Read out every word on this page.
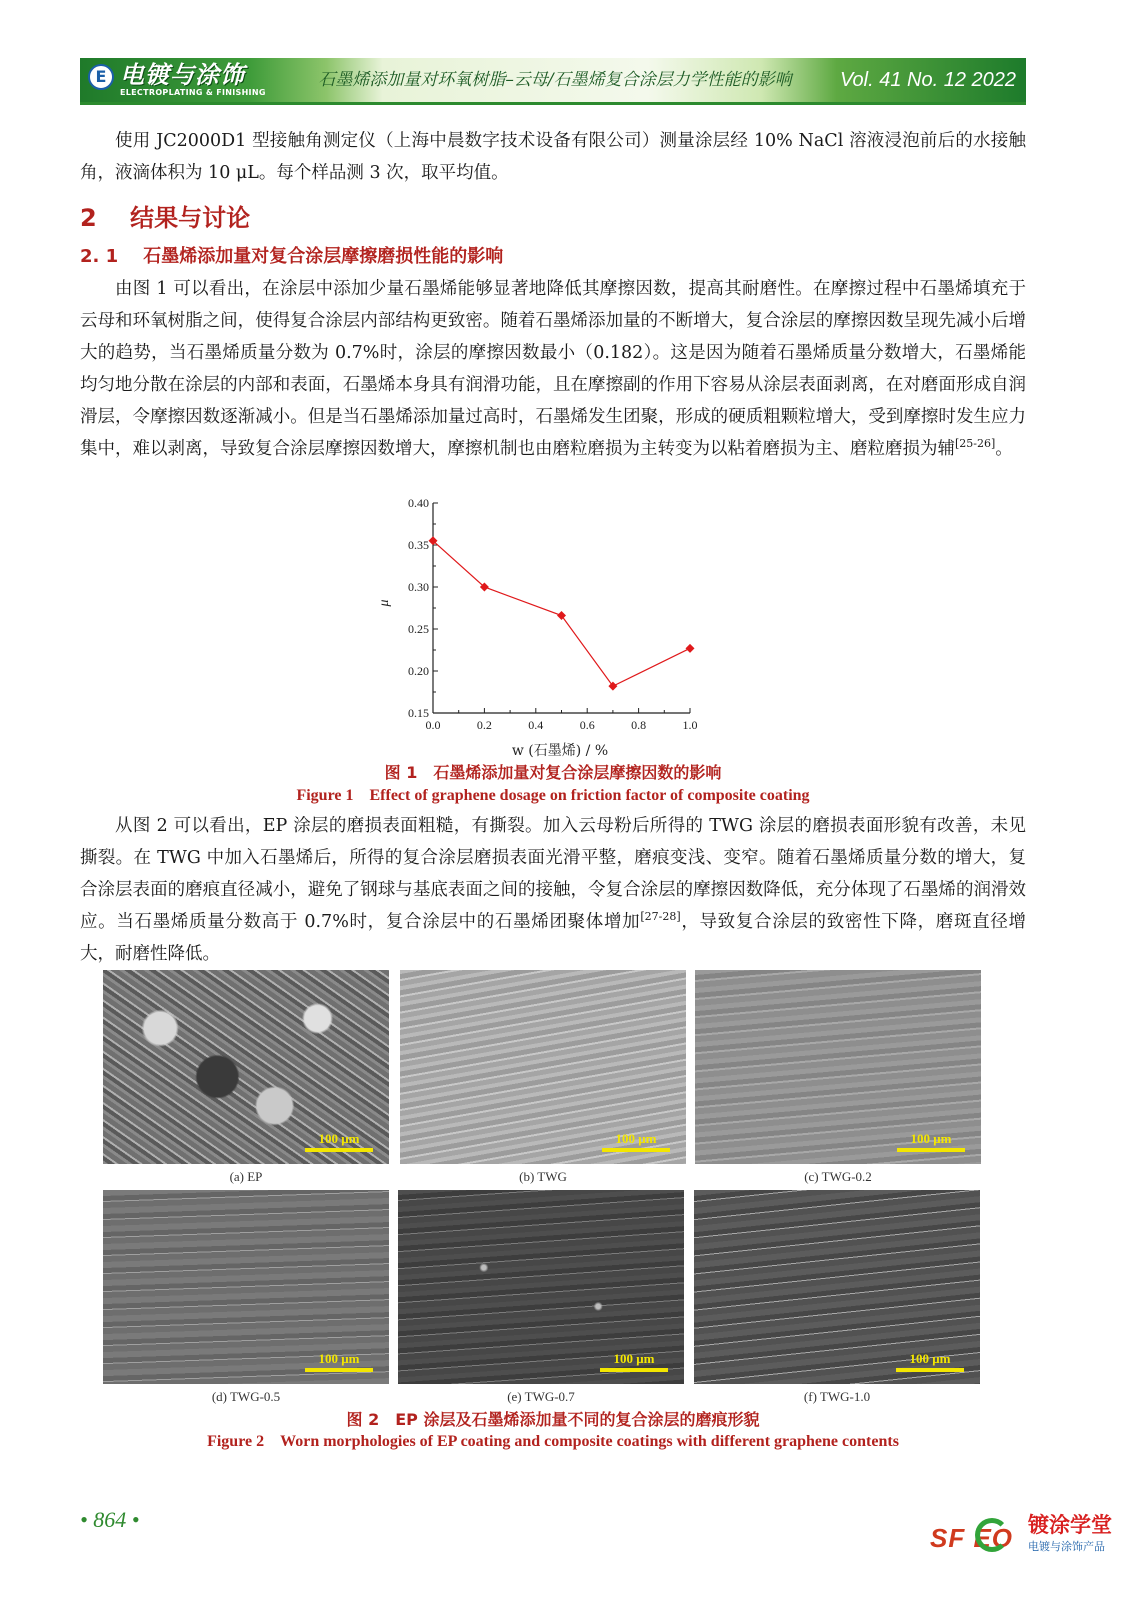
E 电镀与涂饰
ELECTROPLATING & FINISHING
石墨烯添加量对环氧树脂–云母/石墨烯复合涂层力学性能的影响	Vol. 41 No. 12 2022
使用 JC2000D1 型接触角测定仪（上海中晨数字技术设备有限公司）测量涂层经 10% NaCl 溶液浸泡前后的水接触角，液滴体积为 10 μL。每个样品测 3 次，取平均值。
2 结果与讨论
2. 1 石墨烯添加量对复合涂层摩擦磨损性能的影响
由图 1 可以看出，在涂层中添加少量石墨烯能够显著地降低其摩擦因数，提高其耐磨性。在摩擦过程中石墨烯填充于云母和环氧树脂之间，使得复合涂层内部结构更致密。随着石墨烯添加量的不断增大，复合涂层的摩擦因数呈现先减小后增大的趋势，当石墨烯质量分数为 0.7%时，涂层的摩擦因数最小（0.182）。这是因为随着石墨烯质量分数增大，石墨烯能均匀地分散在涂层的内部和表面，石墨烯本身具有润滑功能，且在摩擦副的作用下容易从涂层表面剥离，在对磨面形成自润滑层，令摩擦因数逐渐减小。但是当石墨烯添加量过高时，石墨烯发生团聚，形成的硬质粗颗粒增大，受到摩擦时发生应力集中，难以剥离，导致复合涂层摩擦因数增大，摩擦机制也由磨粒磨损为主转变为以粘着磨损为主、磨粒磨损为辅[25-26]。
0.15
0.20
0.25
0.30
0.35
0.40
0.0	0.2	0.4	0.6	0.8	1.0
μ
w (石墨烯) / %
图 1　石墨烯添加量对复合涂层摩擦因数的影响
Figure 1　Effect of graphene dosage on friction factor of composite coating
从图 2 可以看出，EP 涂层的磨损表面粗糙，有撕裂。加入云母粉后所得的 TWG 涂层的磨损表面形貌有改善，未见撕裂。在 TWG 中加入石墨烯后，所得的复合涂层磨损表面光滑平整，磨痕变浅、变窄。随着石墨烯质量分数的增大，复合涂层表面的磨痕直径减小，避免了钢球与基底表面之间的接触，令复合涂层的摩擦因数降低，充分体现了石墨烯的润滑效应。当石墨烯质量分数高于 0.7%时，复合涂层中的石墨烯团聚体增加[27-28]，导致复合涂层的致密性下降，磨斑直径增大，耐磨性降低。
100 μm	100 μm	100 μm
(a) EP	(b) TWG	(c) TWG-0.2
100 μm	100 μm	100 μm
(d) TWG-0.5	(e) TWG-0.7	(f) TWG-1.0
图 2　EP 涂层及石墨烯添加量不同的复合涂层的磨痕形貌
Figure 2　Worn morphologies of EP coating and composite coatings with different graphene contents
• 864 •
SF EO 镀涂学堂
电镀与涂饰产品
